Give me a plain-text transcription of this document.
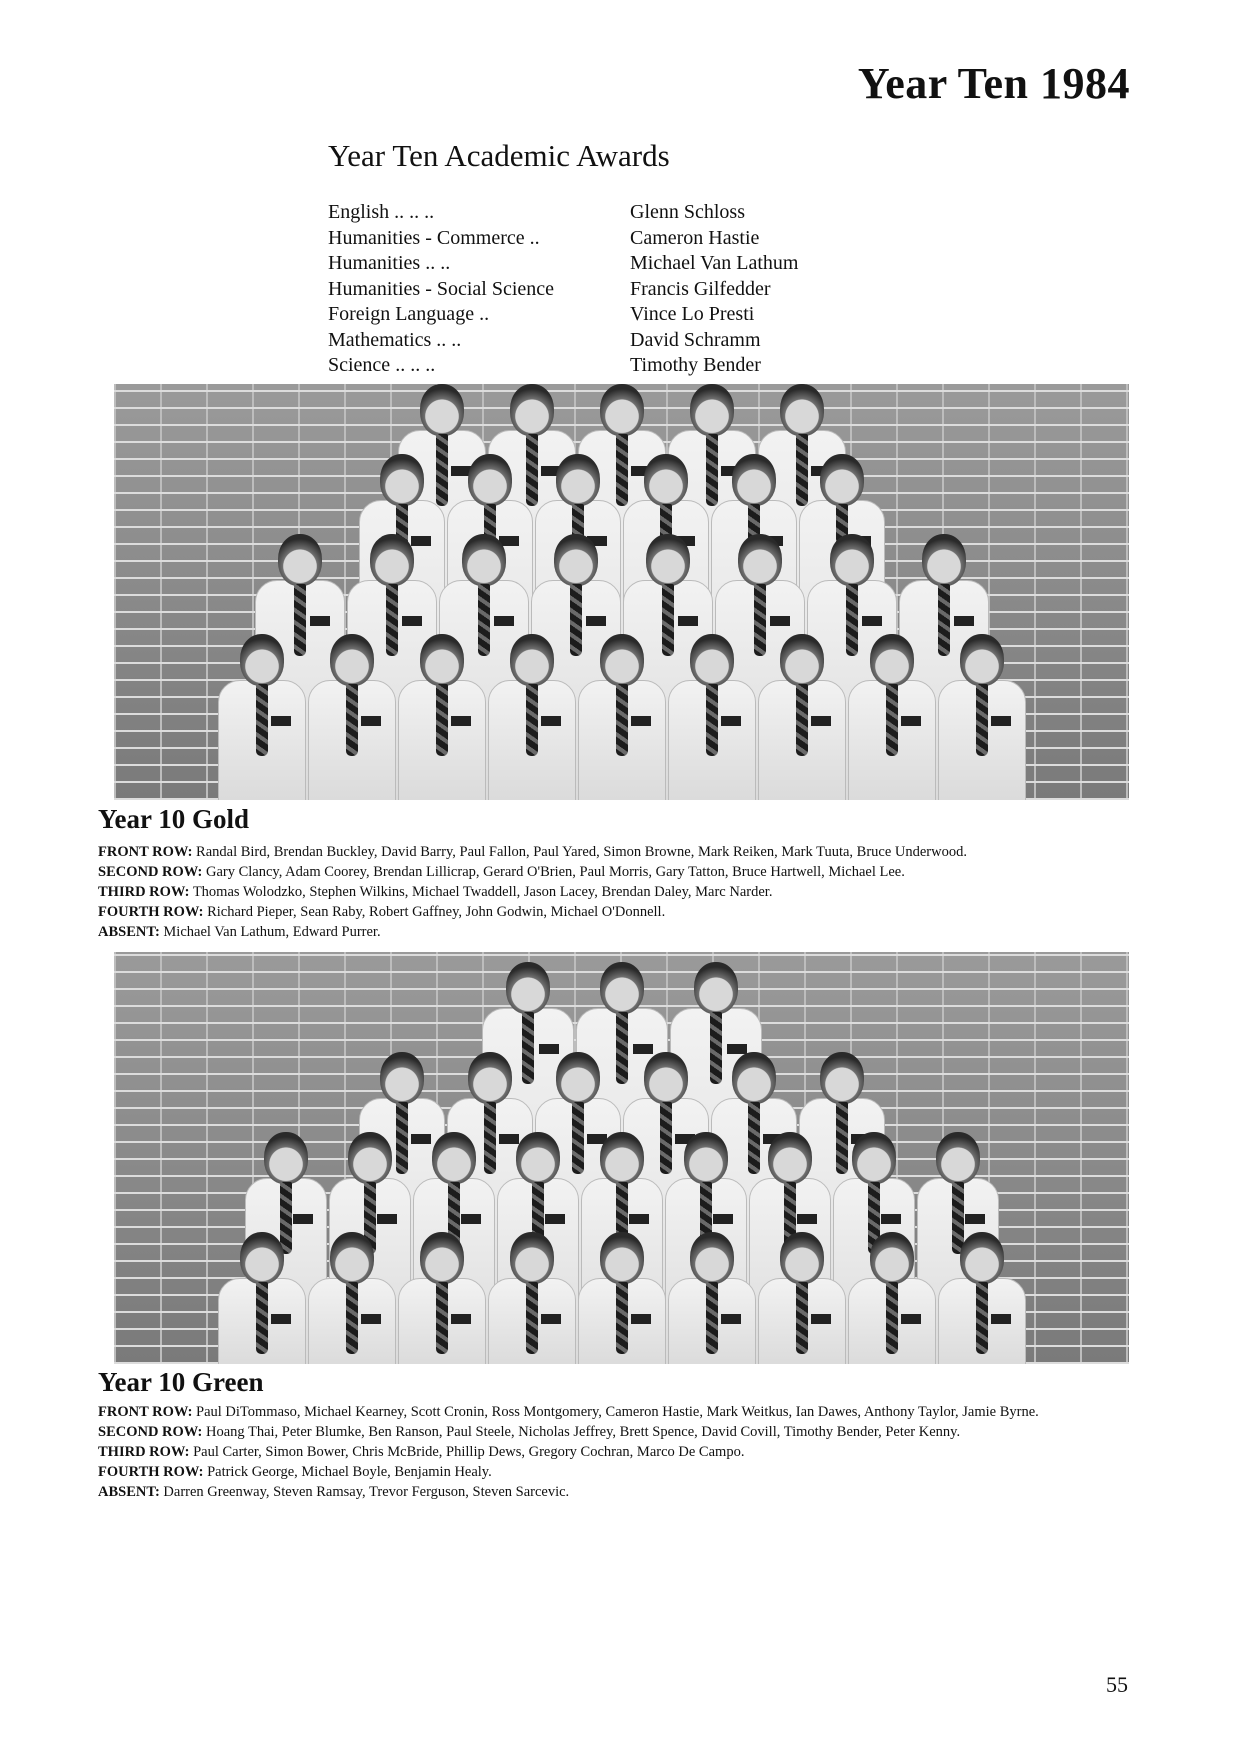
Year Ten 1984
Year Ten Academic Awards
English .. .. ..	Glenn Schloss
Humanities - Commerce ..	Cameron Hastie
Humanities .. ..	Michael Van Lathum
Humanities - Social Science	Francis Gilfedder
Foreign Language ..	Vince Lo Presti
Mathematics .. ..	David Schramm
Science .. .. ..	Timothy Bender
Year 10 Gold

FRONT ROW: Randal Bird, Brendan Buckley, David Barry, Paul Fallon, Paul Yared, Simon Browne, Mark Reiken, Mark Tuuta, Bruce Underwood.

SECOND ROW: Gary Clancy, Adam Coorey, Brendan Lillicrap, Gerard O'Brien, Paul Morris, Gary Tatton, Bruce Hartwell, Michael Lee.

THIRD ROW: Thomas Wolodzko, Stephen Wilkins, Michael Twaddell, Jason Lacey, Brendan Daley, Marc Narder.

FOURTH ROW: Richard Pieper, Sean Raby, Robert Gaffney, John Godwin, Michael O'Donnell.

ABSENT: Michael Van Lathum, Edward Purrer.

Year 10 Green

FRONT ROW: Paul DiTommaso, Michael Kearney, Scott Cronin, Ross Montgomery, Cameron Hastie, Mark Weitkus, Ian Dawes, Anthony Taylor, Jamie Byrne.

SECOND ROW: Hoang Thai, Peter Blumke, Ben Ranson, Paul Steele, Nicholas Jeffrey, Brett Spence, David Covill, Timothy Bender, Peter Kenny.

THIRD ROW: Paul Carter, Simon Bower, Chris McBride, Phillip Dews, Gregory Cochran, Marco De Campo.

FOURTH ROW: Patrick George, Michael Boyle, Benjamin Healy.

ABSENT: Darren Greenway, Steven Ramsay, Trevor Ferguson, Steven Sarcevic.

55
